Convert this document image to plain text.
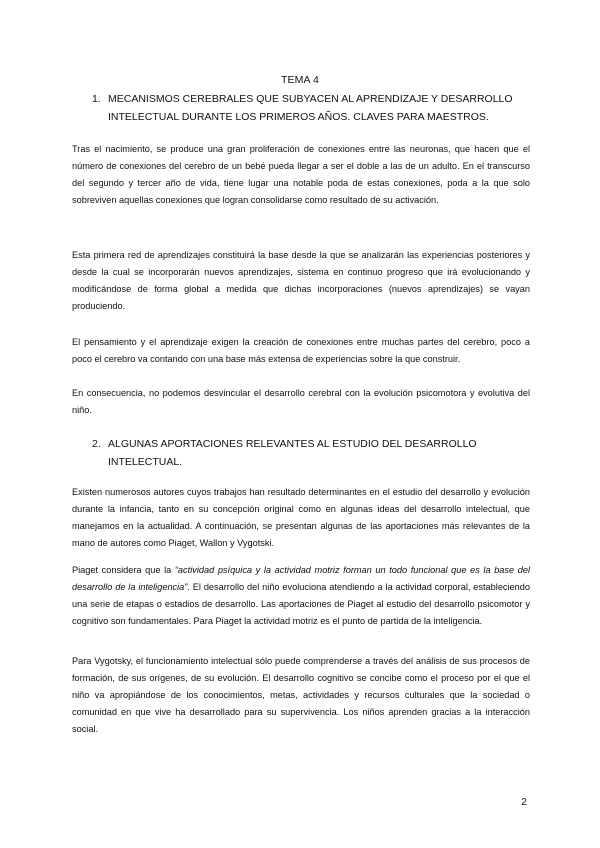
TEMA 4
1. MECANISMOS CEREBRALES QUE SUBYACEN AL APRENDIZAJE Y DESARROLLO INTELECTUAL DURANTE LOS PRIMEROS AÑOS. CLAVES PARA MAESTROS.

Tras el nacimiento, se produce una gran proliferación de conexiones entre las neuronas, que hacen que el número de conexiones del cerebro de un bebé pueda llegar a ser el doble a las de un adulto. En el transcurso del segundo y tercer año de vida, tiene lugar una notable poda de estas conexiones, poda a la que solo sobreviven aquellas conexiones que logran consolidarse como resultado de su activación.

Esta primera red de aprendizajes constituirá la base desde la que se analizarán las experiencias posteriores y desde la cual se incorporarán nuevos aprendizajes, sistema en continuo progreso que irá evolucionando y modificándose de forma global a medida que dichas incorporaciones (nuevos aprendizajes) se vayan produciendo.

El pensamiento y el aprendizaje exigen la creación de conexiones entre muchas partes del cerebro, poco a poco el cerebro va contando con una base más extensa de experiencias sobre la que construir.

En consecuencia, no podemos desvincular el desarrollo cerebral con la evolución psicomotora y evolutiva del niño.

2. ALGUNAS APORTACIONES RELEVANTES AL ESTUDIO DEL DESARROLLO INTELECTUAL.

Existen numerosos autores cuyos trabajos han resultado determinantes en el estudio del desarrollo y evolución durante la infancia, tanto en su concepción original como en algunas ideas del desarrollo intelectual, que manejamos en la actualidad. A continuación, se presentan algunas de las aportaciones más relevantes de la mano de autores como Piaget, Wallon y Vygotski.

Piaget considera que la “actividad psíquica y la actividad motriz forman un todo funcional que es la base del desarrollo de la inteligencia”. El desarrollo del niño evoluciona atendiendo a la actividad corporal, estableciendo una serie de etapas o estadios de desarrollo. Las aportaciones de Piaget al estudio del desarrollo psicomotor y cognitivo son fundamentales. Para Piaget la actividad motriz es el punto de partida de la inteligencia.

Para Vygotsky, el funcionamiento intelectual sólo puede comprenderse a través del análisis de sus procesos de formación, de sus orígenes, de su evolución. El desarrollo cognitivo se concibe como el proceso por el que el niño va apropiándose de los conocimientos, metas, actividades y recursos culturales que la sociedad o comunidad en que vive ha desarrollado para su supervivencia. Los niños aprenden gracias a la interacción social.

2
